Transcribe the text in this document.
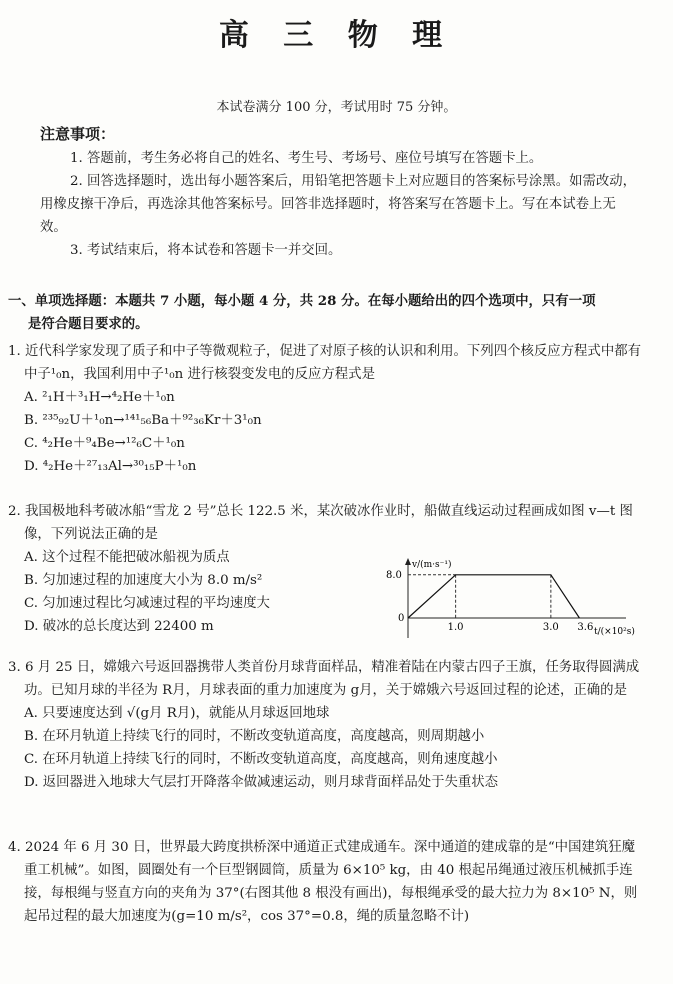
高 三 物 理
本试卷满分 100 分，考试用时 75 分钟。
注意事项：

1. 答题前，考生务必将自己的姓名、考生号、考场号、座位号填写在答题卡上。

2. 回答选择题时，选出每小题答案后，用铅笔把答题卡上对应题目的答案标号涂黑。如需改动，用橡皮擦干净后，再选涂其他答案标号。回答非选择题时，将答案写在答题卡上。写在本试卷上无效。

3. 考试结束后，将本试卷和答题卡一并交回。

一、单项选择题：本题共 7 小题，每小题 4 分，共 28 分。在每小题给出的四个选项中，只有一项
是符合题目要求的。
1. 近代科学家发现了质子和中子等微观粒子，促进了对原子核的认识和利用。下列四个核反应方程式中都有中子¹₀n，我国利用中子¹₀n 进行核裂变发电的反应方程式是
A. ²₁H＋³₁H→⁴₂He＋¹₀n
B. ²³⁵₉₂U＋¹₀n→¹⁴¹₅₆Ba＋⁹²₃₆Kr＋3¹₀n
C. ⁴₂He＋⁹₄Be→¹²₆C＋¹₀n
D. ⁴₂He＋²⁷₁₃Al→³⁰₁₅P＋¹₀n
2. 我国极地科考破冰船“雪龙 2 号”总长 122.5 米，某次破冰作业时，船做直线运动过程画成如图 v—t 图像，下列说法正确的是
A. 这个过程不能把破冰船视为质点
B. 匀加速过程的加速度大小为 8.0 m/s²
C. 匀加速过程比匀减速过程的平均速度大
D. 破冰的总长度达到 22400 m
v/(m·s⁻¹)
t/(×10²s)
8.0
0
1.0	3.0 3.6
3. 6 月 25 日，嫦娥六号返回器携带人类首份月球背面样品，精准着陆在内蒙古四子王旗，任务取得圆满成功。已知月球的半径为 R月，月球表面的重力加速度为 g月，关于嫦娥六号返回过程的论述，正确的是
A. 只要速度达到 √(g月 R月)，就能从月球返回地球
B. 在环月轨道上持续飞行的同时，不断改变轨道高度，高度越高，则周期越小
C. 在环月轨道上持续飞行的同时，不断改变轨道高度，高度越高，则角速度越小
D. 返回器进入地球大气层打开降落伞做减速运动，则月球背面样品处于失重状态
4. 2024 年 6 月 30 日，世界最大跨度拱桥深中通道正式建成通车。深中通道的建成靠的是“中国建筑狂魔重工机械”。如图，圆圈处有一个巨型钢圆筒，质量为 6×10⁵ kg，由 40 根起吊绳通过液压机械抓手连接，每根绳与竖直方向的夹角为 37°(右图其他 8 根没有画出)，每根绳承受的最大拉力为 8×10⁵ N，则起吊过程的最大加速度为(g=10 m/s²，cos 37°=0.8，绳的质量忽略不计)
